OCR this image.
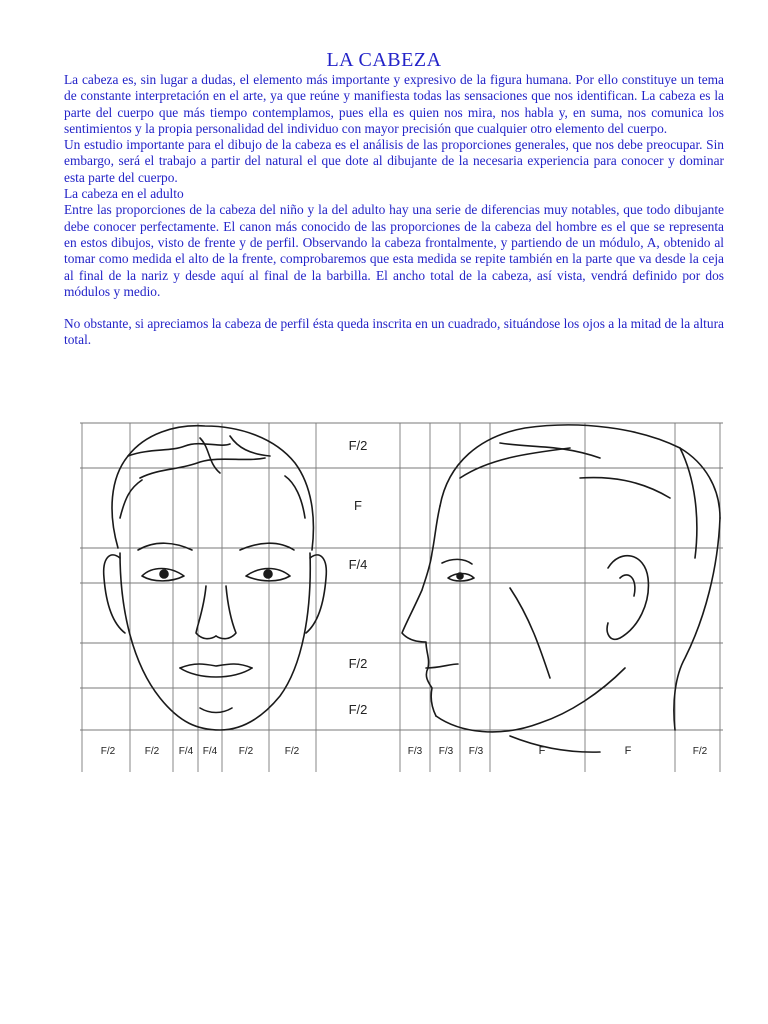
LA CABEZA

La cabeza es, sin lugar a dudas, el elemento más importante y expresivo de la figura humana. Por ello constituye un tema de constante interpretación en el arte, ya que reúne y manifiesta todas las sensaciones que nos identifican. La cabeza es la parte del cuerpo que más tiempo contemplamos, pues ella es quien nos mira, nos habla y, en suma, nos comunica los sentimientos y la propia personalidad del individuo con mayor precisión que cualquier otro elemento del cuerpo.

Un estudio importante para el dibujo de la cabeza es el análisis de las proporciones generales, que nos debe preocupar. Sin embargo, será el trabajo a partir del natural el que dote al dibujante de la necesaria experiencia para conocer y dominar esta parte del cuerpo.

La cabeza en el adulto

Entre las proporciones de la cabeza del niño y la del adulto hay una serie de diferencias muy notables, que todo dibujante debe conocer perfectamente. El canon más conocido de las proporciones de la cabeza del hombre es el que se representa en estos dibujos, visto de frente y de perfil. Observando la cabeza frontalmente, y partiendo de un módulo, A, obtenido al tomar como medida el alto de la frente, comprobaremos que esta medida se repite también en la parte que va desde la ceja al final de la nariz y desde aquí al final de la barbilla. El ancho total de la cabeza, así vista, vendrá definido por dos módulos y medio.

No obstante, si apreciamos la cabeza de perfil ésta queda inscrita en un cuadrado, situándose los ojos a la mitad de la altura total.

F/2
F
F/4
F/2
F/2
F/2	F/2 F/4 F/4 F/2	F/2	F/3 F/3 F/3	F	F	F/2
